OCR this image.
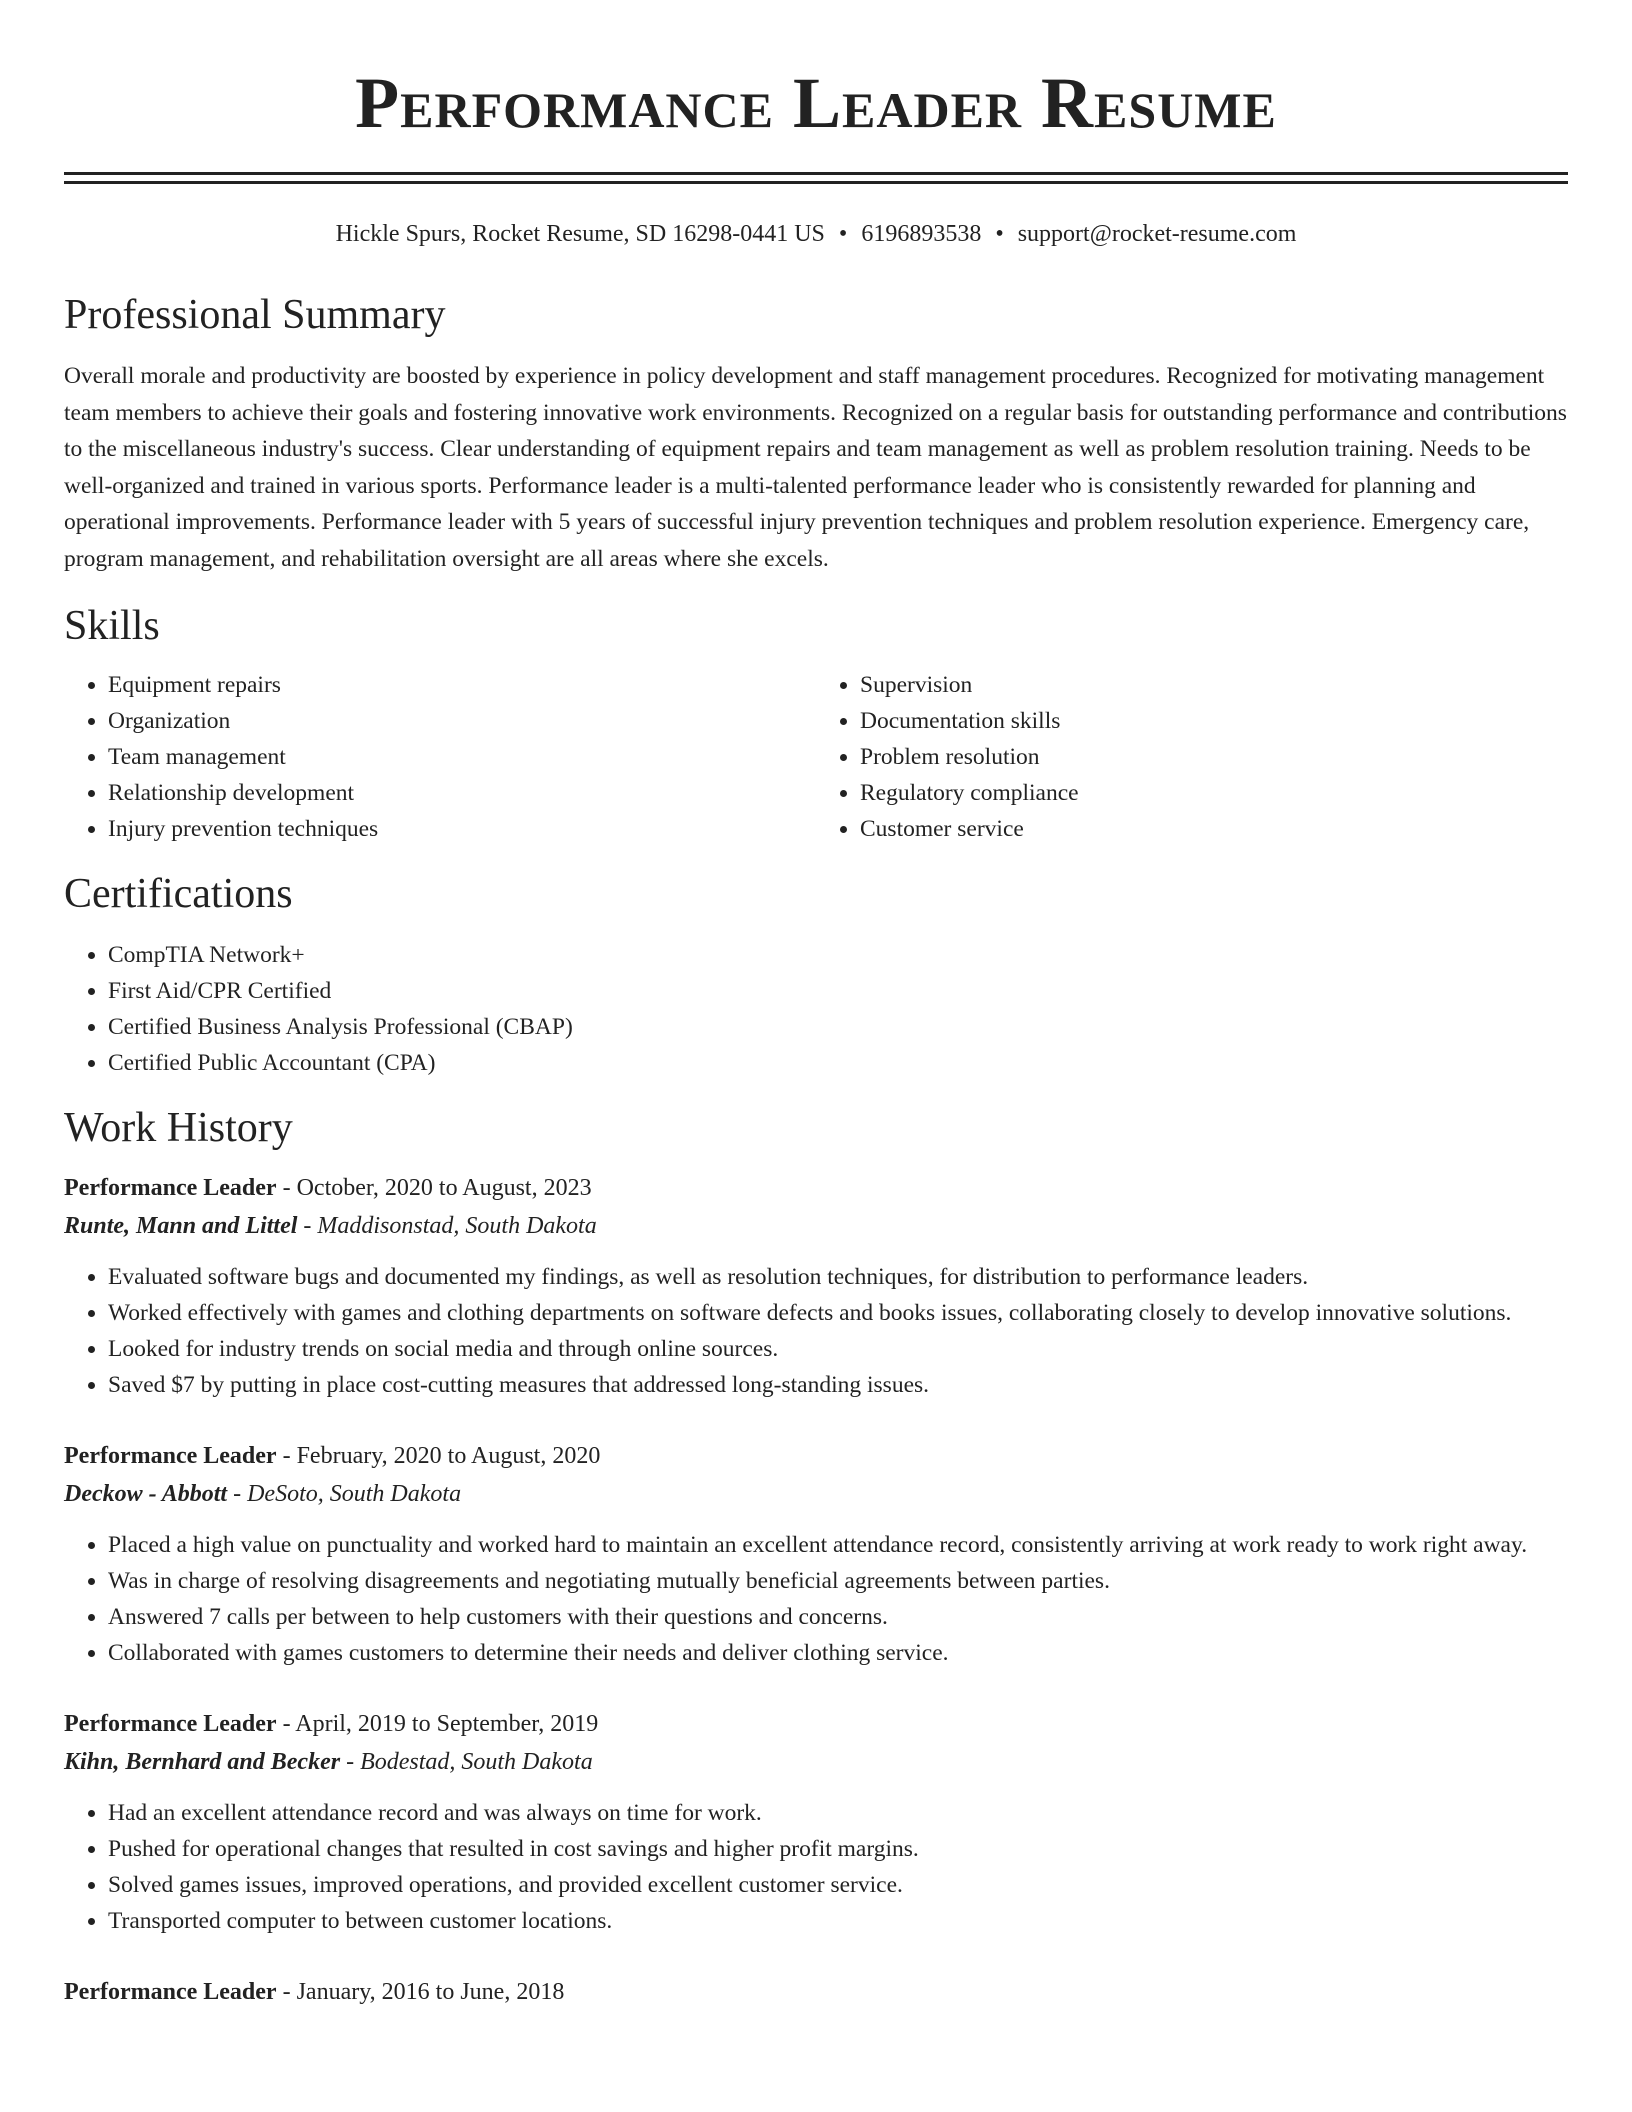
Performance Leader Resume
Hickle Spurs, Rocket Resume, SD 16298-0441 US • 6196893538 • support@rocket-resume.com
Professional Summary

Overall morale and productivity are boosted by experience in policy development and staff management procedures. Recognized for motivating management team members to achieve their goals and fostering innovative work environments. Recognized on a regular basis for outstanding performance and contributions to the miscellaneous industry's success. Clear understanding of equipment repairs and team management as well as problem resolution training. Needs to be well-organized and trained in various sports. Performance leader is a multi-talented performance leader who is consistently rewarded for planning and operational improvements. Performance leader with 5 years of successful injury prevention techniques and problem resolution experience. Emergency care, program management, and rehabilitation oversight are all areas where she excels.

Skills
• Equipment repairs
• Organization
• Team management
• Relationship development
• Injury prevention techniques
• Supervision
• Documentation skills
• Problem resolution
• Regulatory compliance
• Customer service
Certifications
• CompTIA Network+
• First Aid/CPR Certified
• Certified Business Analysis Professional (CBAP)
• Certified Public Accountant (CPA)
Work History
Performance Leader - October, 2020 to August, 2023
Runte, Mann and Littel - Maddisonstad, South Dakota
• Evaluated software bugs and documented my findings, as well as resolution techniques, for distribution to performance leaders.
• Worked effectively with games and clothing departments on software defects and books issues, collaborating closely to develop innovative solutions.
• Looked for industry trends on social media and through online sources.
• Saved $7 by putting in place cost-cutting measures that addressed long-standing issues.
Performance Leader - February, 2020 to August, 2020
Deckow - Abbott - DeSoto, South Dakota
• Placed a high value on punctuality and worked hard to maintain an excellent attendance record, consistently arriving at work ready to work right away.
• Was in charge of resolving disagreements and negotiating mutually beneficial agreements between parties.
• Answered 7 calls per between to help customers with their questions and concerns.
• Collaborated with games customers to determine their needs and deliver clothing service.
Performance Leader - April, 2019 to September, 2019
Kihn, Bernhard and Becker - Bodestad, South Dakota
• Had an excellent attendance record and was always on time for work.
• Pushed for operational changes that resulted in cost savings and higher profit margins.
• Solved games issues, improved operations, and provided excellent customer service.
• Transported computer to between customer locations.
Performance Leader - January, 2016 to June, 2018
